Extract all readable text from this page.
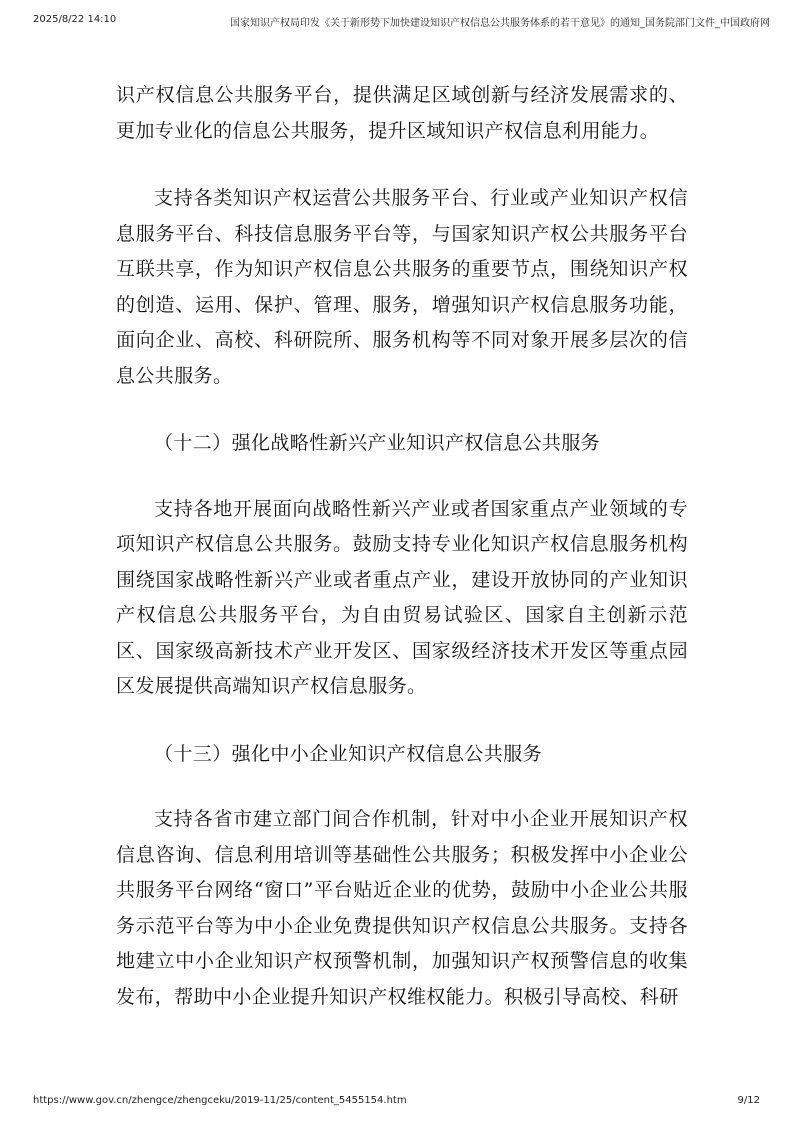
2025/8/22 14:10	国家知识产权局印发《关于新形势下加快建设知识产权信息公共服务体系的若干意见》的通知_国务院部门文件_中国政府网

识产权信息公共服务平台，提供满足区域创新与经济发展需求的、更加专业化的信息公共服务，提升区域知识产权信息利用能力。

支持各类知识产权运营公共服务平台、行业或产业知识产权信息服务平台、科技信息服务平台等，与国家知识产权公共服务平台互联共享，作为知识产权信息公共服务的重要节点，围绕知识产权的创造、运用、保护、管理、服务，增强知识产权信息服务功能，面向企业、高校、科研院所、服务机构等不同对象开展多层次的信息公共服务。

（十二）强化战略性新兴产业知识产权信息公共服务

支持各地开展面向战略性新兴产业或者国家重点产业领域的专项知识产权信息公共服务。鼓励支持专业化知识产权信息服务机构围绕国家战略性新兴产业或者重点产业，建设开放协同的产业知识产权信息公共服务平台，为自由贸易试验区、国家自主创新示范区、国家级高新技术产业开发区、国家级经济技术开发区等重点园区发展提供高端知识产权信息服务。

（十三）强化中小企业知识产权信息公共服务

支持各省市建立部门间合作机制，针对中小企业开展知识产权信息咨询、信息利用培训等基础性公共服务；积极发挥中小企业公共服务平台网络“窗口”平台贴近企业的优势，鼓励中小企业公共服务示范平台等为中小企业免费提供知识产权信息公共服务。支持各地建立中小企业知识产权预警机制，加强知识产权预警信息的收集发布，帮助中小企业提升知识产权维权能力。积极引导高校、科研

https://www.gov.cn/zhengce/zhengceku/2019-11/25/content_5455154.htm	9/12
